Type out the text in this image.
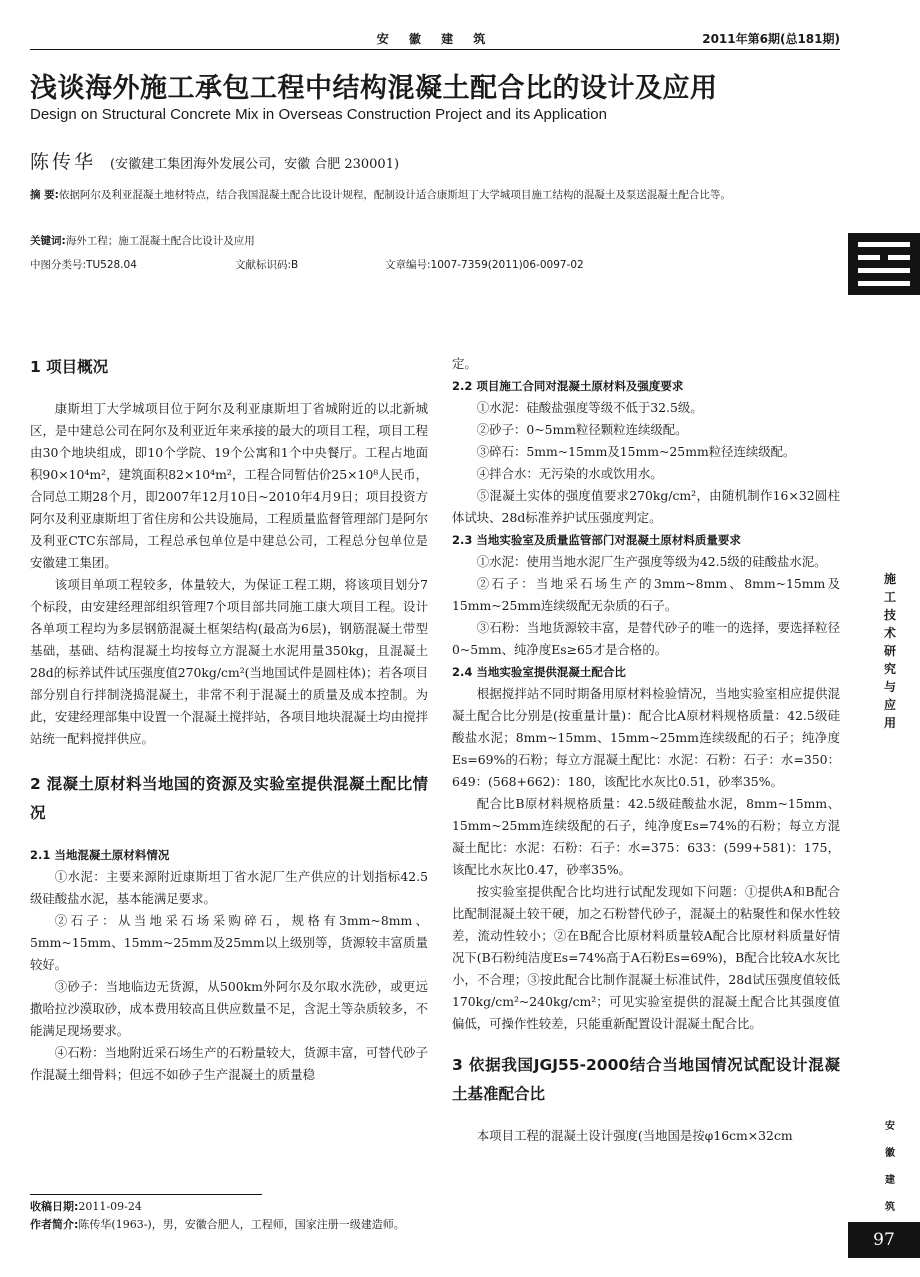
安 徽 建 筑	2011年第6期(总181期)
浅谈海外施工承包工程中结构混凝土配合比的设计及应用
Design on Structural Concrete Mix in Overseas Construction Project and its Application
陈传华 (安徽建工集团海外发展公司，安徽 合肥 230001)
摘 要:依据阿尔及利亚混凝土地材特点，结合我国混凝土配合比设计规程，配制设计适合康斯坦丁大学城项目施工结构的混凝土及泵送混凝土配合比等。
关键词:海外工程；施工混凝土配合比设计及应用
中图分类号:TU528.04	文献标识码:B	文章编号:1007-7359(2011)06-0097-02
施工技术研究与应用
安徽建筑
97
1 项目概况

康斯坦丁大学城项目位于阿尔及利亚康斯坦丁省城附近的以北新城区，是中建总公司在阿尔及利亚近年来承接的最大的项目工程，项目工程由30个地块组成，即10个学院、19个公寓和1个中央餐厅。工程占地面积90×10⁴m²，建筑面积82×10⁴m²，工程合同暂估价25×10⁸人民币，合同总工期28个月，即2007年12月10日~2010年4月9日；项目投资方阿尔及利亚康斯坦丁省住房和公共设施局，工程质量监督管理部门是阿尔及利亚CTC东部局，工程总承包单位是中建总公司，工程总分包单位是安徽建工集团。

该项目单项工程较多，体量较大，为保证工程工期，将该项目划分7个标段，由安建经理部组织管理7个项目部共同施工康大项目工程。设计各单项工程均为多层钢筋混凝土框架结构(最高为6层)，钢筋混凝土带型基础，基础、结构混凝土均按每立方混凝土水泥用量350kg，且混凝土28d的标养试件试压强度值270kg/cm²(当地国试件是圆柱体)；若各项目部分别自行拌制浇捣混凝土，非常不利于混凝土的质量及成本控制。为此，安建经理部集中设置一个混凝土搅拌站，各项目地块混凝土均由搅拌站统一配料搅拌供应。

2 混凝土原材料当地国的资源及实验室提供混凝土配比情况
2.1 当地混凝土原材料情况

①水泥：主要来源附近康斯坦丁省水泥厂生产供应的计划指标42.5级硅酸盐水泥，基本能满足要求。

②石子：从当地采石场采购碎石，规格有3mm~8mm、5mm~15mm、15mm~25mm及25mm以上级别等，货源较丰富质量较好。

③砂子：当地临边无货源，从500km外阿尔及尔取水洗砂，或更远撒哈拉沙漠取砂，成本费用较高且供应数量不足，含泥土等杂质较多，不能满足现场要求。

④石粉：当地附近采石场生产的石粉量较大，货源丰富，可替代砂子作混凝土细骨料；但远不如砂子生产混凝土的质量稳

定。

2.2 项目施工合同对混凝土原材料及强度要求

①水泥：硅酸盐强度等级不低于32.5级。

②砂子：0~5mm粒径颗粒连续级配。

③碎石：5mm~15mm及15mm~25mm粒径连续级配。

④拌合水：无污染的水或饮用水。

⑤混凝土实体的强度值要求270kg/cm²，由随机制作16×32圆柱体试块、28d标准养护试压强度判定。

2.3 当地实验室及质量监管部门对混凝土原材料质量要求

①水泥：使用当地水泥厂生产强度等级为42.5级的硅酸盐水泥。

②石子：当地采石场生产的3mm~8mm、8mm~15mm及15mm~25mm连续级配无杂质的石子。

③石粉：当地货源较丰富，是替代砂子的唯一的选择，要选择粒径0~5mm、纯净度Es≥65才是合格的。

2.4 当地实验室提供混凝土配合比

根据搅拌站不同时期备用原材料检验情况，当地实验室相应提供混凝土配合比分别是(按重量计量)：配合比A原材料规格质量：42.5级硅酸盐水泥；8mm~15mm、15mm~25mm连续级配的石子；纯净度Es=69%的石粉；每立方混凝土配比：水泥：石粉：石子：水=350：649：(568+662)：180，该配比水灰比0.51，砂率35%。

配合比B原材料规格质量：42.5级硅酸盐水泥，8mm~15mm、15mm~25mm连续级配的石子，纯净度Es=74%的石粉；每立方混凝土配比：水泥：石粉：石子：水=375：633：(599+581)：175，该配比水灰比0.47，砂率35%。

按实验室提供配合比均进行试配发现如下问题：①提供A和B配合比配制混凝土较干硬，加之石粉替代砂子，混凝土的粘聚性和保水性较差，流动性较小；②在B配合比原材料质量较A配合比原材料质量好情况下(B石粉纯洁度Es=74%高于A石粉Es=69%)，B配合比较A水灰比小，不合理；③按此配合比制作混凝土标准试件，28d试压强度值较低170kg/cm²~240kg/cm²；可见实验室提供的混凝土配合比其强度值偏低，可操作性较差，只能重新配置设计混凝土配合比。

3 依据我国JGJ55-2000结合当地国情况试配设计混凝土基准配合比

本项目工程的混凝土设计强度(当地国是按φ16cm×32cm

收稿日期:2011-09-24
作者简介:陈传华(1963-)，男，安徽合肥人，工程师，国家注册一级建造师。
